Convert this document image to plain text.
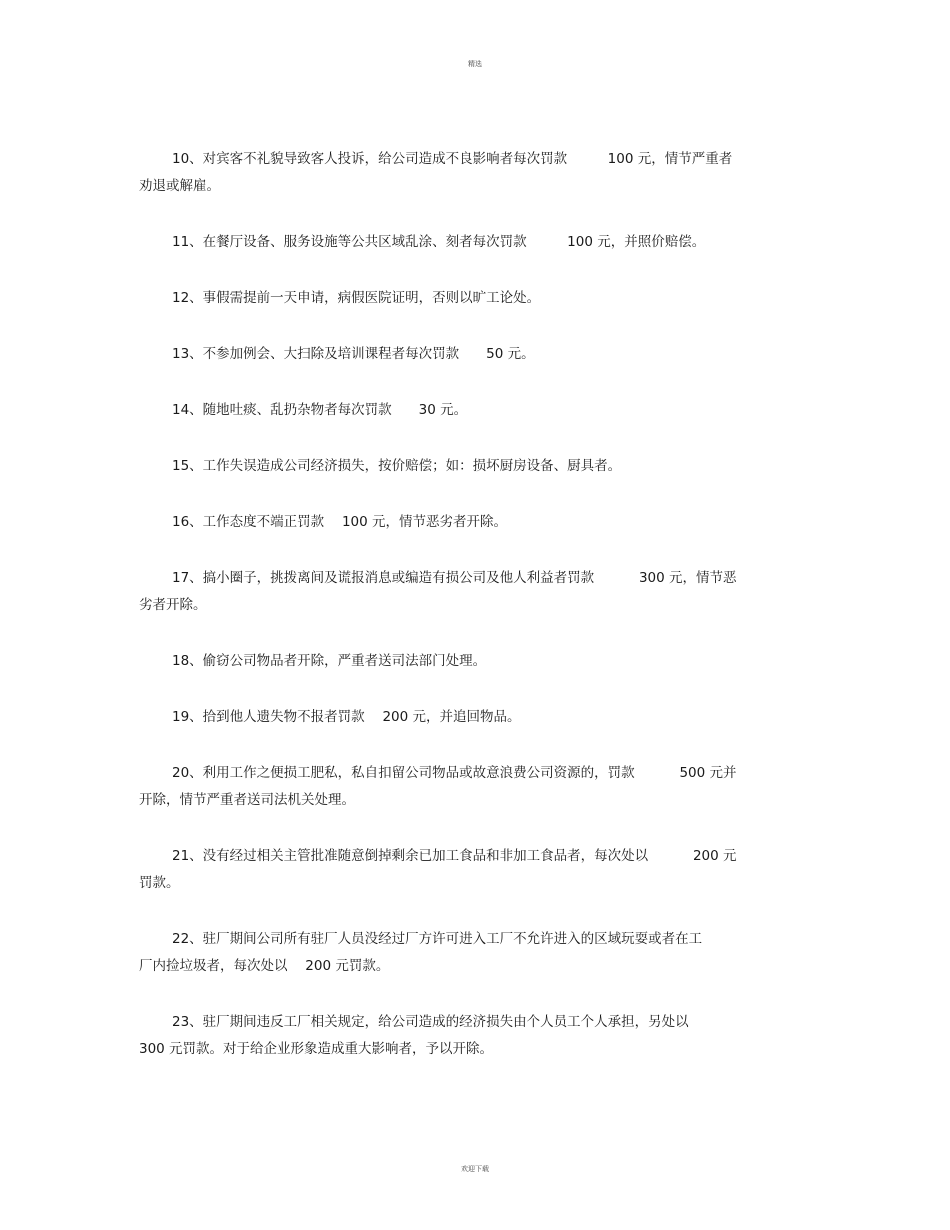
精选

10、对宾客不礼貌导致客人投诉，给公司造成不良影响者每次罚款　　　100 元，情节严重者
劝退或解雇。

11、在餐厅设备、服务设施等公共区域乱涂、刻者每次罚款　　　100 元，并照价赔偿。

12、事假需提前一天申请，病假医院证明，否则以旷工论处。

13、不参加例会、大扫除及培训课程者每次罚款　　50 元。

14、随地吐痰、乱扔杂物者每次罚款　　30 元。

15、工作失误造成公司经济损失，按价赔偿；如：损坏厨房设备、厨具者。

16、工作态度不端正罚款　 100 元，情节恶劣者开除。

17、搞小圈子，挑拨离间及谎报消息或编造有损公司及他人利益者罚款　　　 300 元，情节恶
劣者开除。

18、偷窃公司物品者开除，严重者送司法部门处理。

19、拾到他人遗失物不报者罚款　 200 元，并追回物品。

20、利用工作之便损工肥私，私自扣留公司物品或故意浪费公司资源的，罚款　　　 500 元并
开除，情节严重者送司法机关处理。

21、没有经过相关主管批准随意倒掉剩余已加工食品和非加工食品者，每次处以　　　 200 元
罚款。

22、驻厂期间公司所有驻厂人员没经过厂方许可进入工厂不允许进入的区域玩耍或者在工
厂内捡垃圾者，每次处以　 200 元罚款。

23、驻厂期间违反工厂相关规定，给公司造成的经济损失由个人员工个人承担，另处以
300 元罚款。对于给企业形象造成重大影响者，予以开除。

欢迎下载
